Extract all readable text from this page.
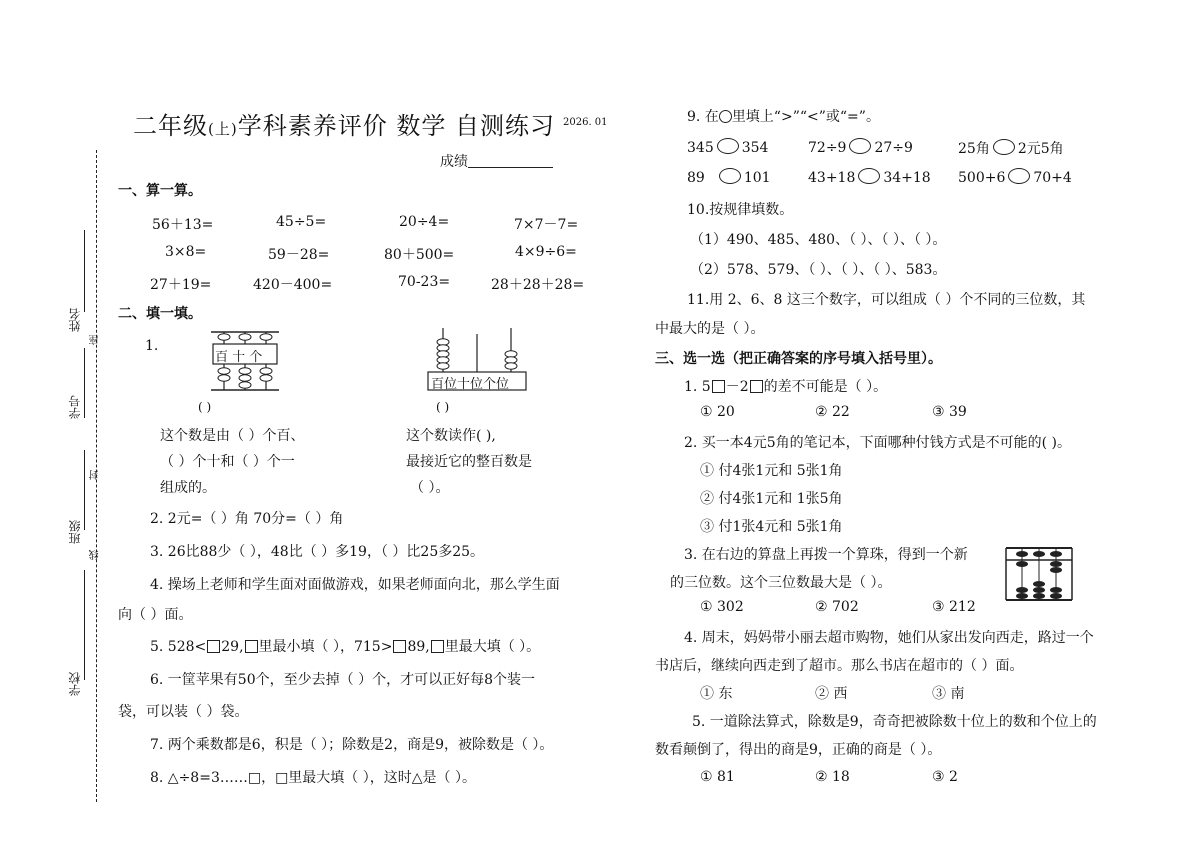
姓名
座
学号
封
班级
线
学校
二年级(上)学科素养评价 数学 自测练习 2026. 01
成绩
一、算一算。
56＋13=	45÷5=	20÷4=	7×7－7=
3×8=	59－28=	80＋500=	4×9÷6=
27＋19=	420－400=	70-23=	28＋28＋28=
二、填一填。
1.
百 十 个
百位十位个位
( )	( )
这个数是由（ ）个百、
（ ）个十和（ ）个一
组成的。
这个数读作( ),
最接近它的整百数是
（ ）。
2. 2元=（ ）角 70分=（ ）角
3. 26比88少（ ），48比（ ）多19，（ ）比25多25。
4. 操场上老师和学生面对面做游戏，如果老师面向北，那么学生面
向（ ）面。
5. 528< 29, 里最小填（ ），715> 89, 里最大填（ ）。
6. 一筐苹果有50个，至少去掉（ ）个，才可以正好每8个装一
袋，可以装（ ）袋。
7. 两个乘数都是6，积是（ ）；除数是2，商是9，被除数是（ ）。
8. △÷8=3……□，□里最大填（ ），这时△是（ ）。
9. 在 里填上“>”“<”或“=”。
345 354	72÷9 27÷9	25角 2元5角
89	101	43+18 34+18 500+6 70+4
10.按规律填数。
（1）490、485、480、（ ）、（ ）、（ ）。
（2）578、579、（ ）、（ ）、（ ）、583。
11.用 2、6、8 这三个数字，可以组成（ ）个不同的三位数，其
中最大的是（ ）。
三、选一选（把正确答案的序号填入括号里）。
1. 5 －2 的差不可能是（ ）。
① 20	② 22	③ 39
2. 买一本4元5角的笔记本，下面哪种付钱方式是不可能的( )。
① 付4张1元和 5张1角
② 付4张1元和 1张5角
③ 付1张4元和 5张1角
3. 在右边的算盘上再拨一个算珠，得到一个新
的三位数。这个三位数最大是（ ）。
① 302	② 702	③ 212
4. 周末，妈妈带小丽去超市购物，她们从家出发向西走，路过一个
书店后，继续向西走到了超市。那么书店在超市的（ ）面。
① 东	② 西	③ 南
5. 一道除法算式，除数是9，奇奇把被除数十位上的数和个位上的
数看颠倒了，得出的商是9，正确的商是（ ）。
① 81	② 18	③ 2
